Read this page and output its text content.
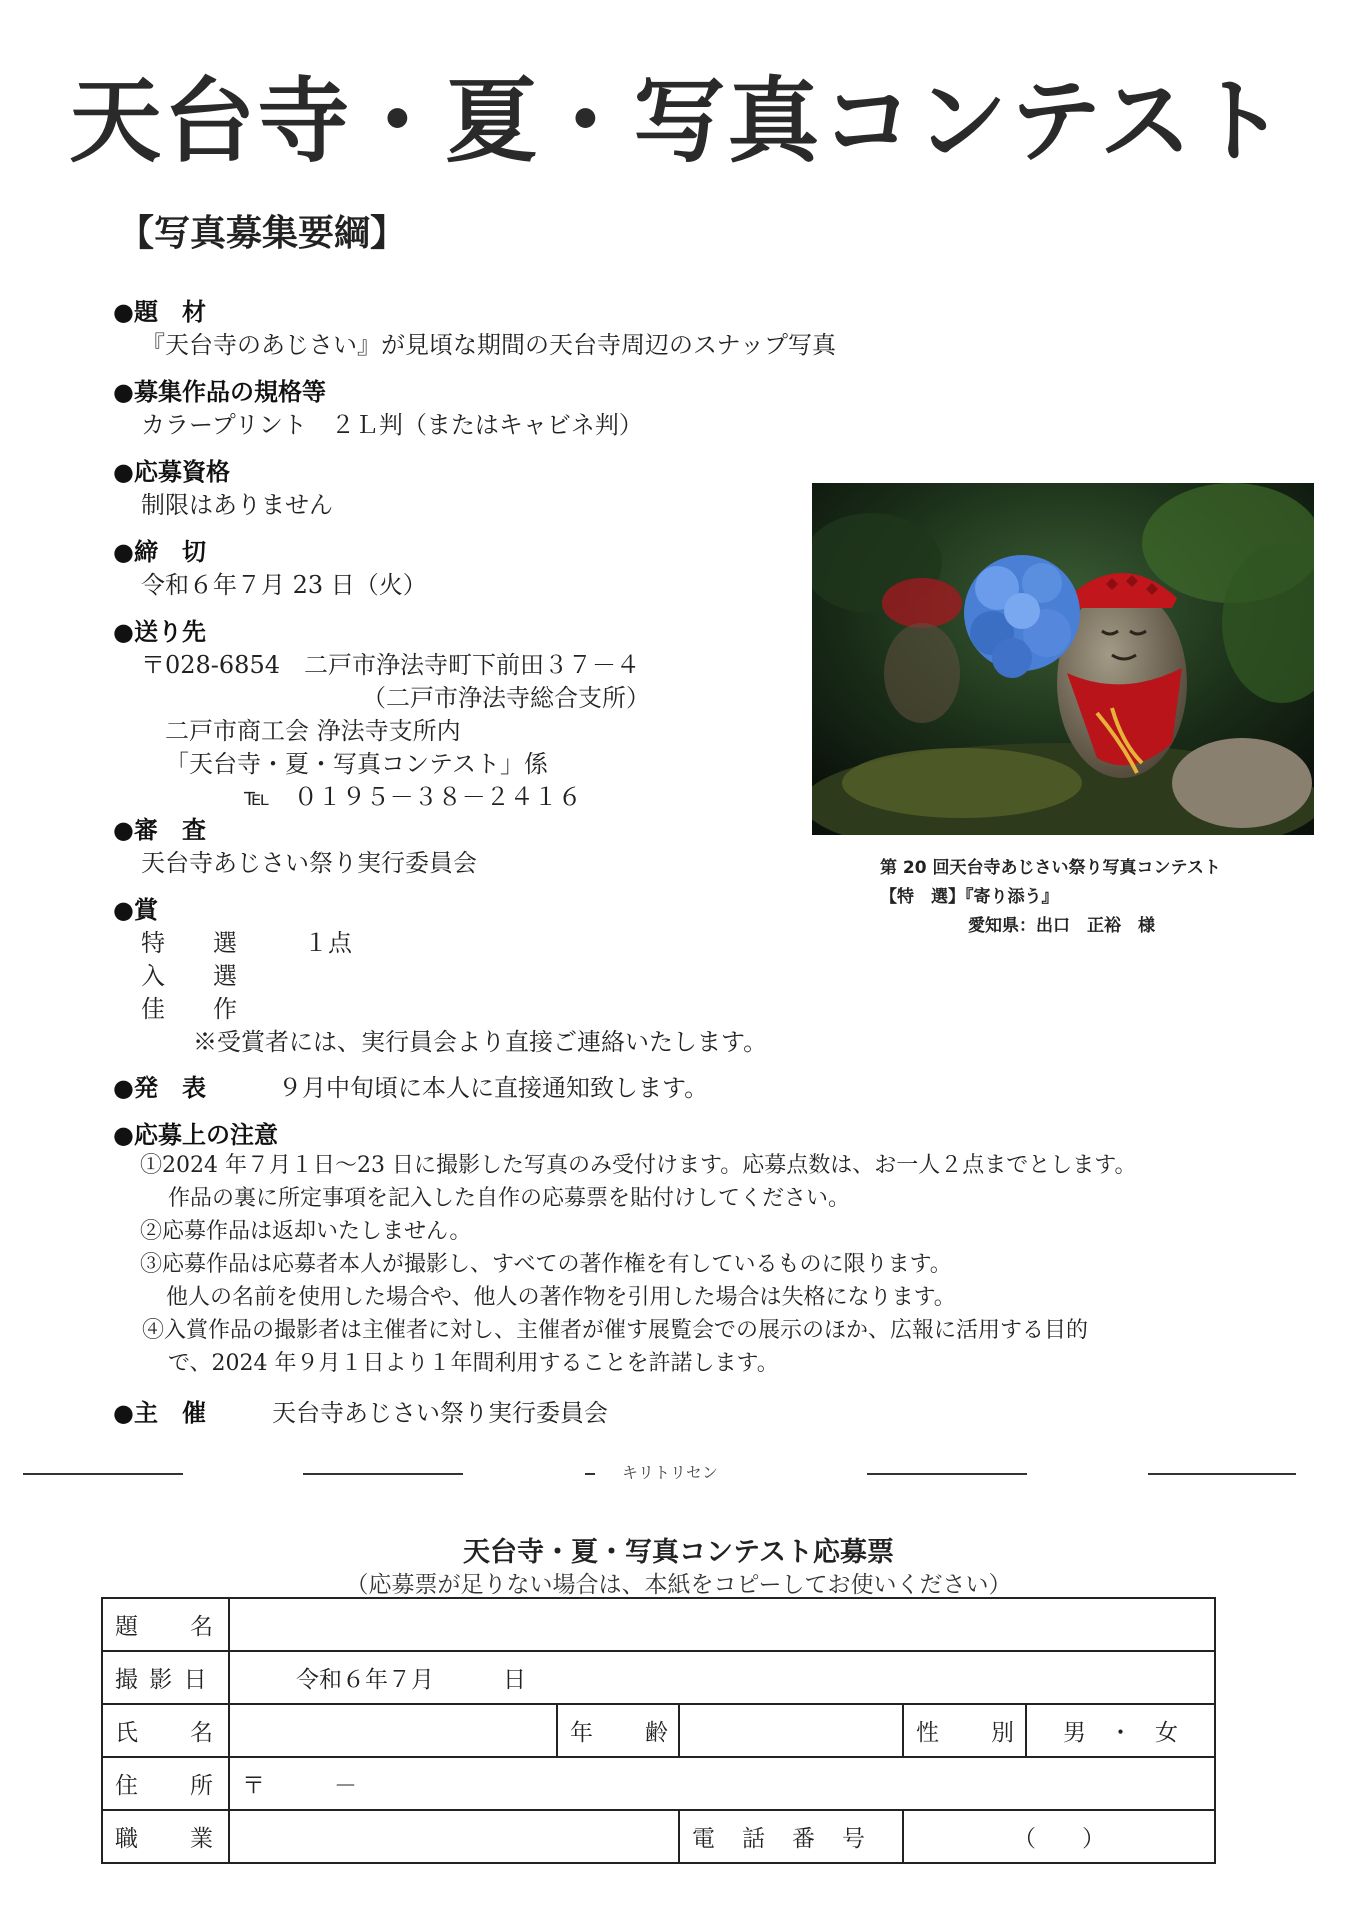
天台寺・夏・写真コンテスト
【写真募集要綱】
●題　材
『天台寺のあじさい』が見頃な期間の天台寺周辺のスナップ写真
●募集作品の規格等
カラープリント　２Ｌ判（またはキャビネ判）
●応募資格
制限はありません
●締　切
令和６年７月 23 日（火）
●送り先
〒028-6854　二戸市浄法寺町下前田３７－４
（二戸市浄法寺総合支所）
二戸市商工会 浄法寺支所内
「天台寺・夏・写真コンテスト」係
℡　０１９５－３８－２４１６
●審　査
天台寺あじさい祭り実行委員会
●賞
特　　選	１点
入　　選
佳　　作
※受賞者には、実行員会より直接ご連絡いたします。
●発　表	９月中旬頃に本人に直接通知致します。
●応募上の注意
①2024 年７月１日～23 日に撮影した写真のみ受付けます。応募点数は、お一人２点までとします。
作品の裏に所定事項を記入した自作の応募票を貼付けしてください。
②応募作品は返却いたしません。
③応募作品は応募者本人が撮影し、すべての著作権を有しているものに限ります。
他人の名前を使用した場合や、他人の著作物を引用した場合は失格になります。
④入賞作品の撮影者は主催者に対し、主催者が催す展覧会での展示のほか、広報に活用する目的
で、2024 年９月１日より１年間利用することを許諾します。
●主　催	天台寺あじさい祭り実行委員会
第 20 回天台寺あじさい祭り写真コンテスト
【特　選】『寄り添う』
愛知県：出口　正裕　様
キリトリセン
天台寺・夏・写真コンテスト応募票
（応募票が足りない場合は、本紙をコピーしてお使いください）
題　　名					
撮 影 日	令和６年７月　　　日				
氏　　名		年　　齢		性　　別	男　・　女
住　　所	〒　　　－				
職　　業			電　話　番　号	（　　）	
